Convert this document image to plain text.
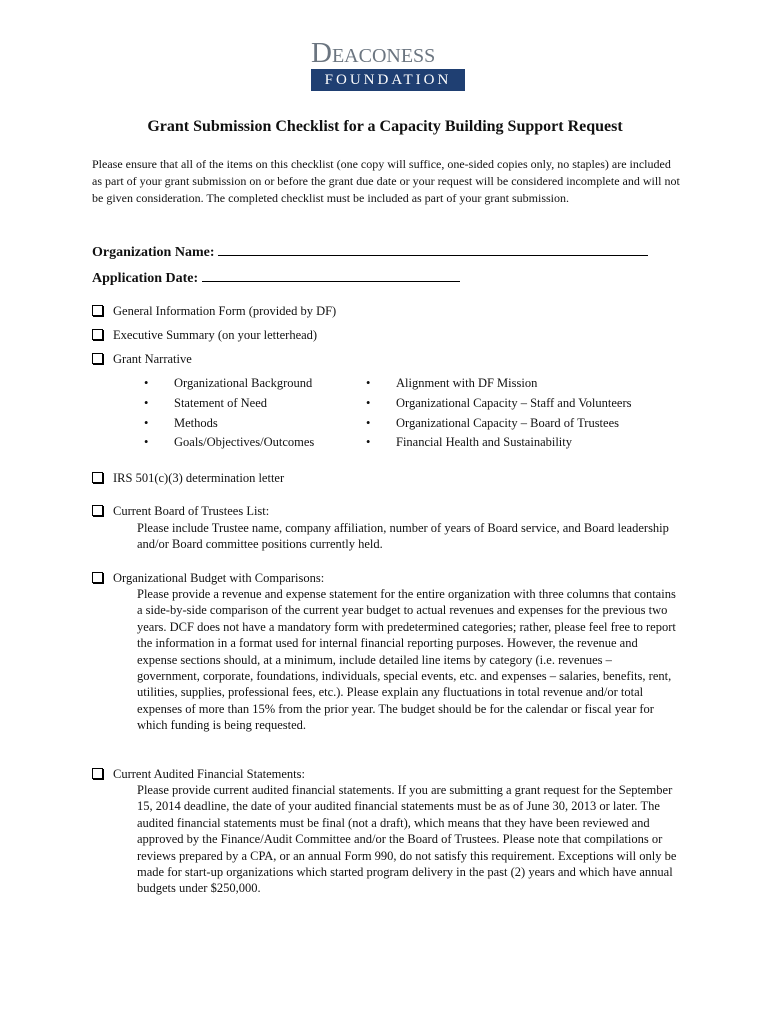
Deaconess
FOUNDATION
Grant Submission Checklist for a Capacity Building Support Request
Please ensure that all of the items on this checklist (one copy will suffice, one-sided copies only, no staples) are included as part of your grant submission on or before the grant due date or your request will be considered incomplete and will not be given consideration. The completed checklist must be included as part of your grant submission.
Organization Name:
Application Date:
General Information Form (provided by DF)
Executive Summary (on your letterhead)
Grant Narrative
• Organizational Background
• Statement of Need
• Methods
• Goals/Objectives/Outcomes
• Alignment with DF Mission
• Organizational Capacity – Staff and Volunteers
• Organizational Capacity – Board of Trustees
• Financial Health and Sustainability
IRS 501(c)(3) determination letter
Current Board of Trustees List:
Please include Trustee name, company affiliation, number of years of Board service, and Board leadership and/or Board committee positions currently held.
Organizational Budget with Comparisons:
Please provide a revenue and expense statement for the entire organization with three columns that contains a side-by-side comparison of the current year budget to actual revenues and expenses for the previous two years. DCF does not have a mandatory form with predetermined categories; rather, please feel free to report the information in a format used for internal financial reporting purposes. However, the revenue and expense sections should, at a minimum, include detailed line items by category (i.e. revenues – government, corporate, foundations, individuals, special events, etc. and expenses – salaries, benefits, rent, utilities, supplies, professional fees, etc.). Please explain any fluctuations in total revenue and/or total expenses of more than 15% from the prior year. The budget should be for the calendar or fiscal year for which funding is being requested.
Current Audited Financial Statements:
Please provide current audited financial statements. If you are submitting a grant request for the September 15, 2014 deadline, the date of your audited financial statements must be as of June 30, 2013 or later. The audited financial statements must be final (not a draft), which means that they have been reviewed and approved by the Finance/Audit Committee and/or the Board of Trustees. Please note that compilations or reviews prepared by a CPA, or an annual Form 990, do not satisfy this requirement. Exceptions will only be made for start-up organizations which started program delivery in the past (2) years and which have annual budgets under $250,000.
